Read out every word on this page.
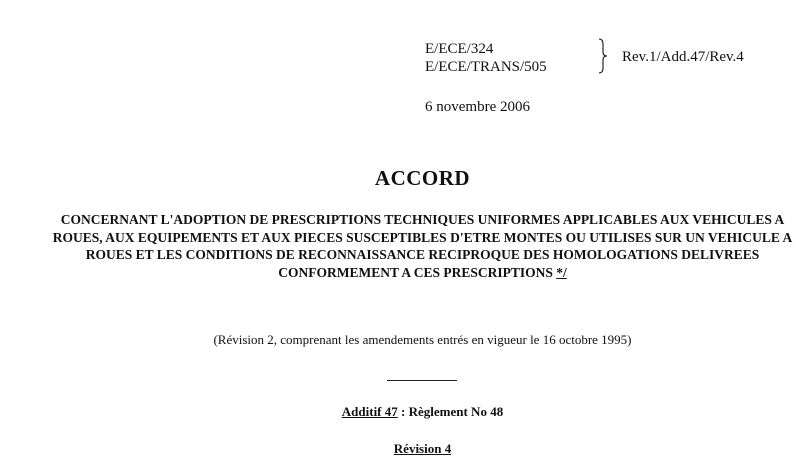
E/ECE/324
E/ECE/TRANS/505
Rev.1/Add.47/Rev.4
6 novembre 2006
ACCORD
CONCERNANT L'ADOPTION DE PRESCRIPTIONS TECHNIQUES UNIFORMES APPLICABLES AUX VEHICULES A ROUES, AUX EQUIPEMENTS ET AUX PIECES SUSCEPTIBLES D'ETRE MONTES OU UTILISES SUR UN VEHICULE A ROUES ET LES CONDITIONS DE RECONNAISSANCE RECIPROQUE DES HOMOLOGATIONS DELIVREES CONFORMEMENT A CES PRESCRIPTIONS */
(Révision 2, comprenant les amendements entrés en vigueur le 16 octobre 1995)
Additif 47 : Règlement No 48
Révision 4
